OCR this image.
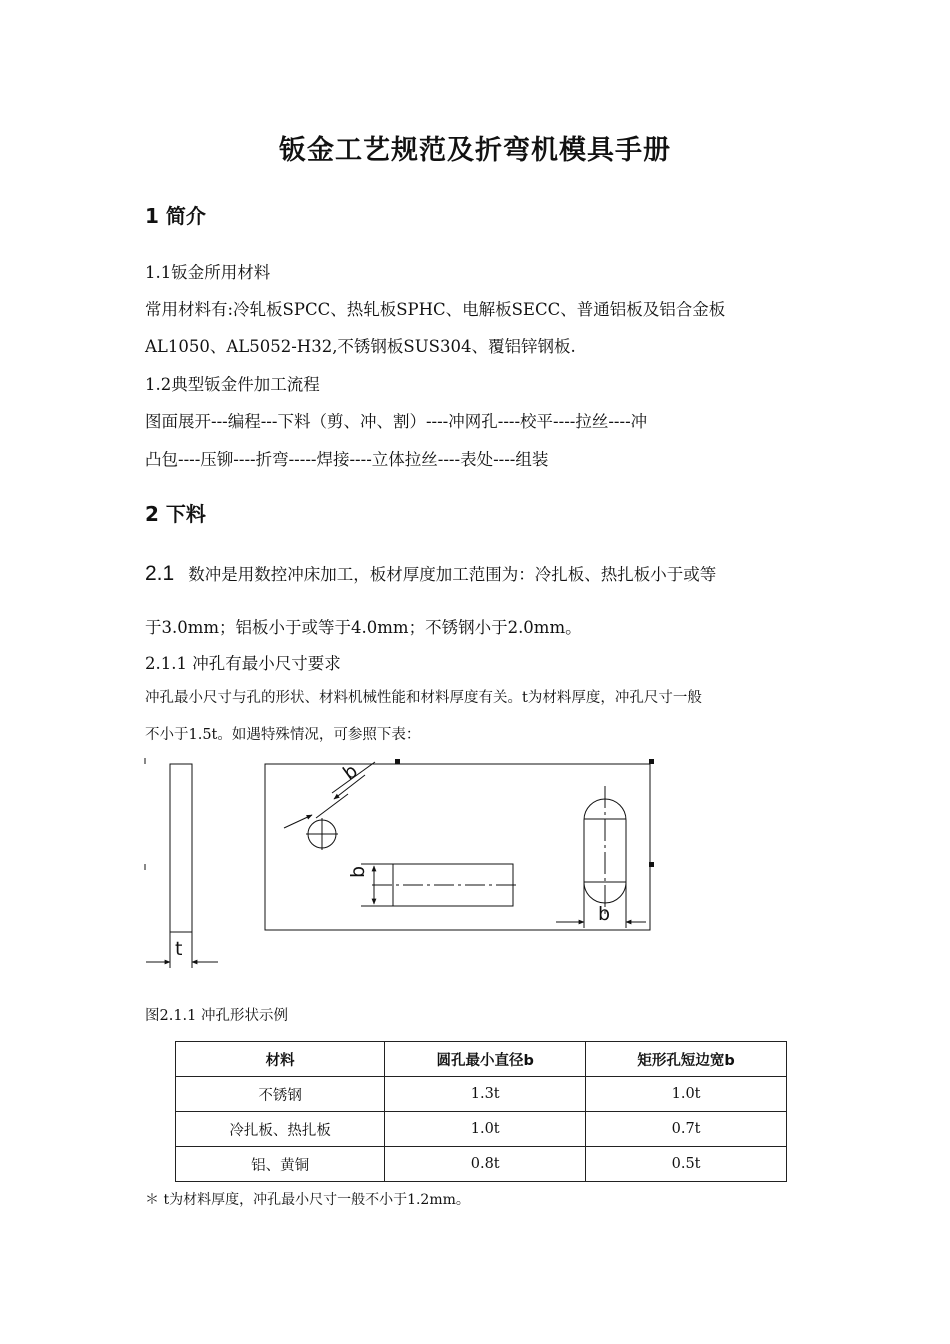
钣金工艺规范及折弯机模具手册
1 简介
1.1钣金所用材料
常用材料有:冷轧板SPCC、热轧板SPHC、电解板SECC、普通铝板及铝合金板
AL1050、AL5052-H32,不锈钢板SUS304、覆铝锌钢板.
1.2典型钣金件加工流程
图面展开---编程---下料（剪、冲、割）----冲网孔----校平----拉丝----冲
凸包----压铆----折弯-----焊接----立体拉丝----表处----组装
2 下料
2.1 数冲是用数控冲床加工，板材厚度加工范围为：冷扎板、热扎板小于或等
于3.0mm；铝板小于或等于4.0mm；不锈钢小于2.0mm。
2.1.1 冲孔有最小尺寸要求
冲孔最小尺寸与孔的形状、材料机械性能和材料厚度有关。t为材料厚度，冲孔尺寸一般
不小于1.5t。如遇特殊情况，可参照下表：
t
b
b
b
图2.1.1 冲孔形状示例
材料	圆孔最小直径b	矩形孔短边宽b
不锈钢	1.3t	1.0t
冷扎板、热扎板	1.0t	0.7t
铝、黄铜	0.8t	0.5t
＊ t为材料厚度，冲孔最小尺寸一般不小于1.2mm。
